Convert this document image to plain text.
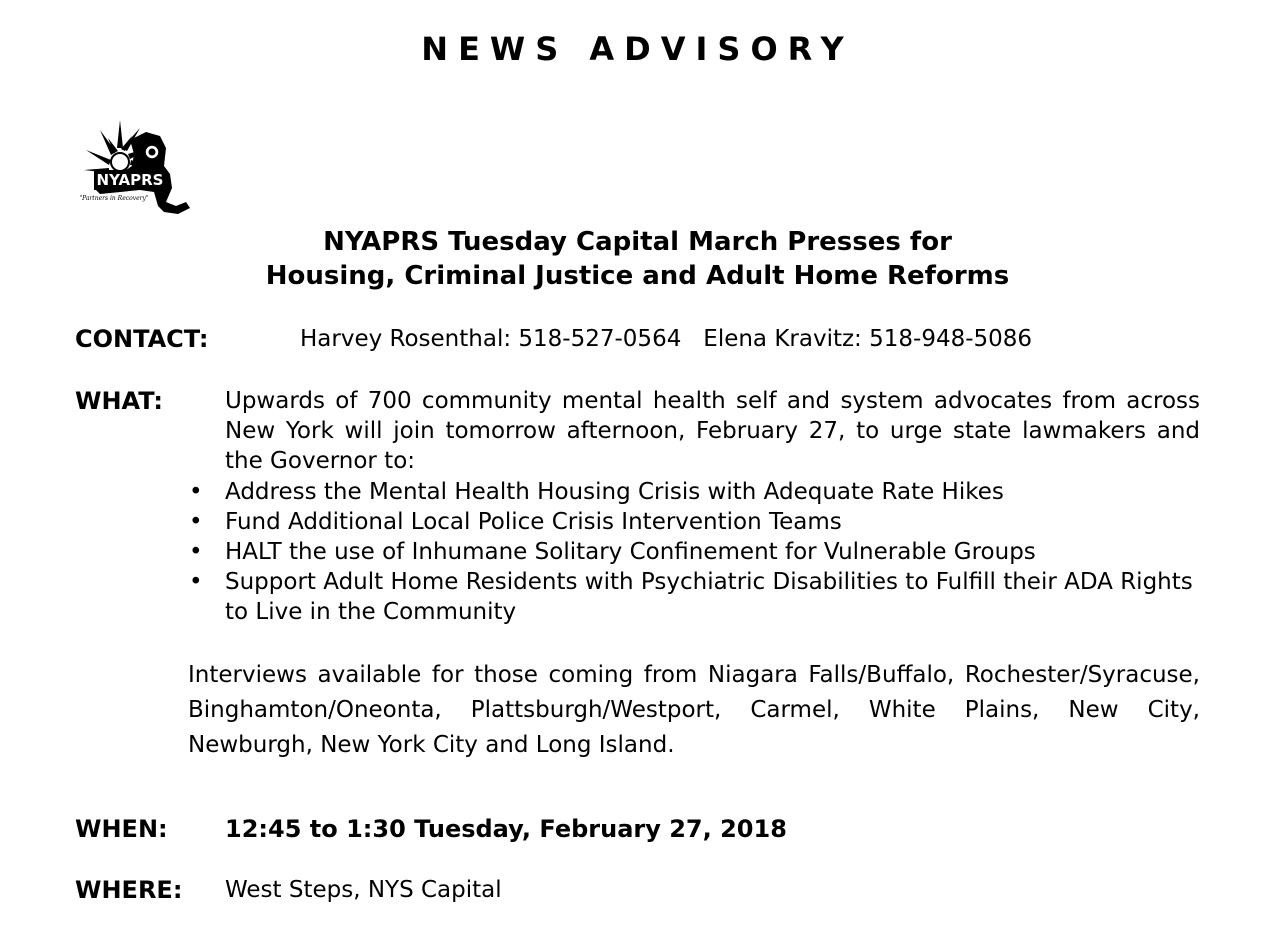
NEWS ADVISORY
NYAPRS
"Partners in Recovery"
NYAPRS Tuesday Capital March Presses for
Housing, Criminal Justice and Adult Home Reforms
CONTACT:	Harvey Rosenthal: 518-527-0564 Elena Kravitz: 518-948-5086
WHAT:	Upwards of 700 community mental health self and system advocates from across New York will join tomorrow afternoon, February 27, to urge state lawmakers and the Governor to:
• Address the Mental Health Housing Crisis with Adequate Rate Hikes
• Fund Additional Local Police Crisis Intervention Teams
• HALT the use of Inhumane Solitary Confinement for Vulnerable Groups
• Support Adult Home Residents with Psychiatric Disabilities to Fulfill their ADA Rights to Live in the Community
Interviews available for those coming from Niagara Falls/Buffalo, Rochester/Syracuse, Binghamton/Oneonta, Plattsburgh/Westport, Carmel, White Plains, New City, Newburgh, New York City and Long Island.
WHEN: 12:45 to 1:30 Tuesday, February 27, 2018
WHERE: West Steps, NYS Capital
